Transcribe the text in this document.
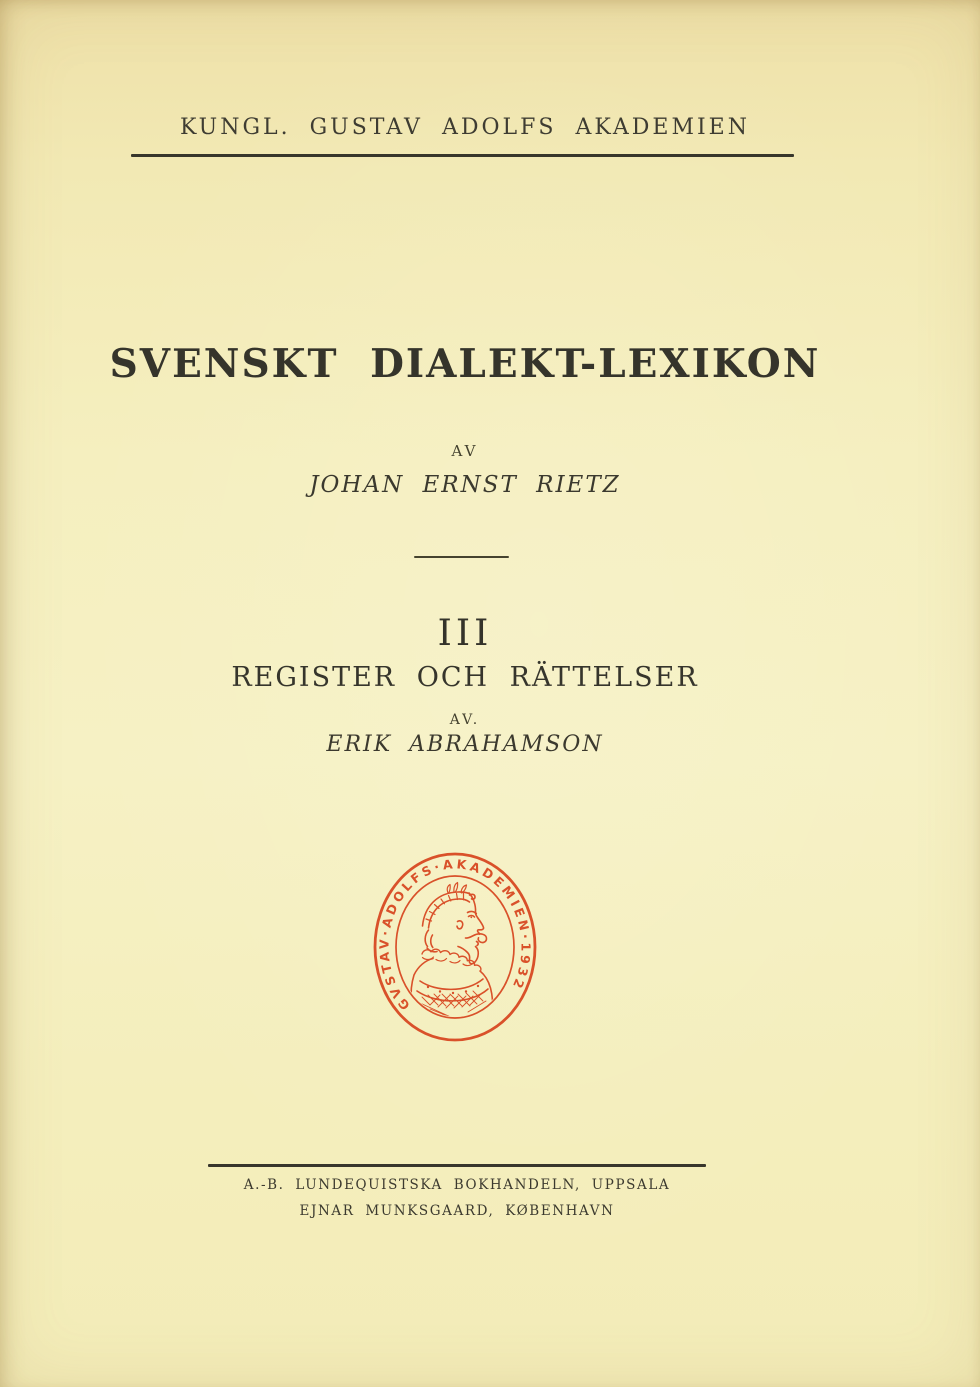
KUNGL. GUSTAV ADOLFS AKADEMIEN
SVENSKT DIALEKT-LEXIKON
AV
JOHAN ERNST RIETZ
III
REGISTER OCH RÄTTELSER
AV.
ERIK ABRAHAMSON
GVSTAV·ADOLFS·AKADEMIEN·1932
A.-B. LUNDEQUISTSKA BOKHANDELN, UPPSALA
EJNAR MUNKSGAARD, KØBENHAVN
